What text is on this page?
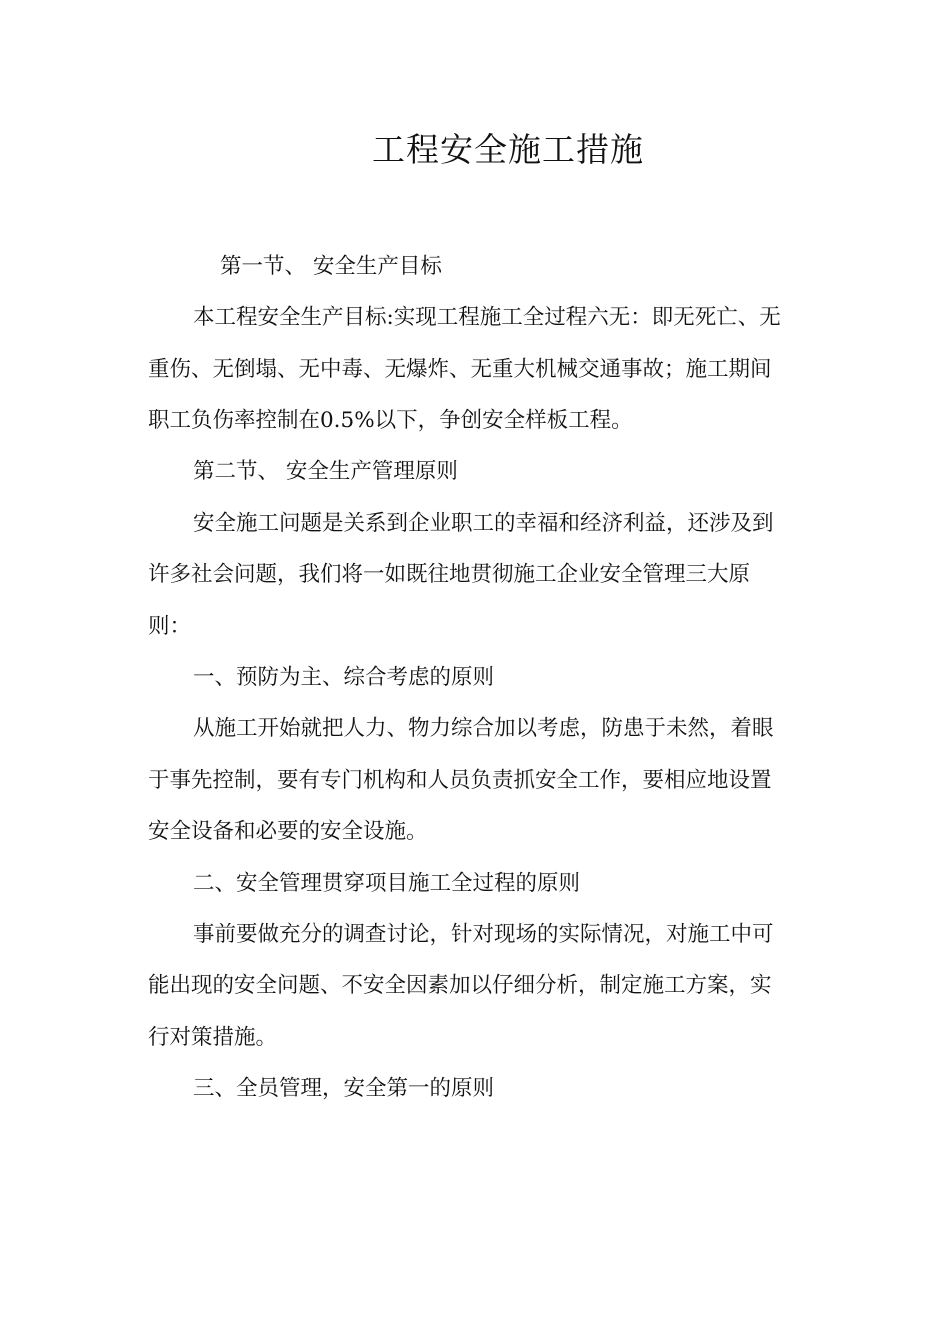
工程安全施工措施
第一节、 安全生产目标
本工程安全生产目标:实现工程施工全过程六无：即无死亡、无
重伤、无倒塌、无中毒、无爆炸、无重大机械交通事故；施工期间
职工负伤率控制在0.5%以下，争创安全样板工程。
第二节、 安全生产管理原则
安全施工问题是关系到企业职工的幸福和经济利益，还涉及到
许多社会问题，我们将一如既往地贯彻施工企业安全管理三大原
则：
一、预防为主、综合考虑的原则
从施工开始就把人力、物力综合加以考虑，防患于未然，着眼
于事先控制，要有专门机构和人员负责抓安全工作，要相应地设置
安全设备和必要的安全设施。
二、安全管理贯穿项目施工全过程的原则
事前要做充分的调查讨论，针对现场的实际情况，对施工中可
能出现的安全问题、不安全因素加以仔细分析，制定施工方案，实
行对策措施。
三、全员管理，安全第一的原则
